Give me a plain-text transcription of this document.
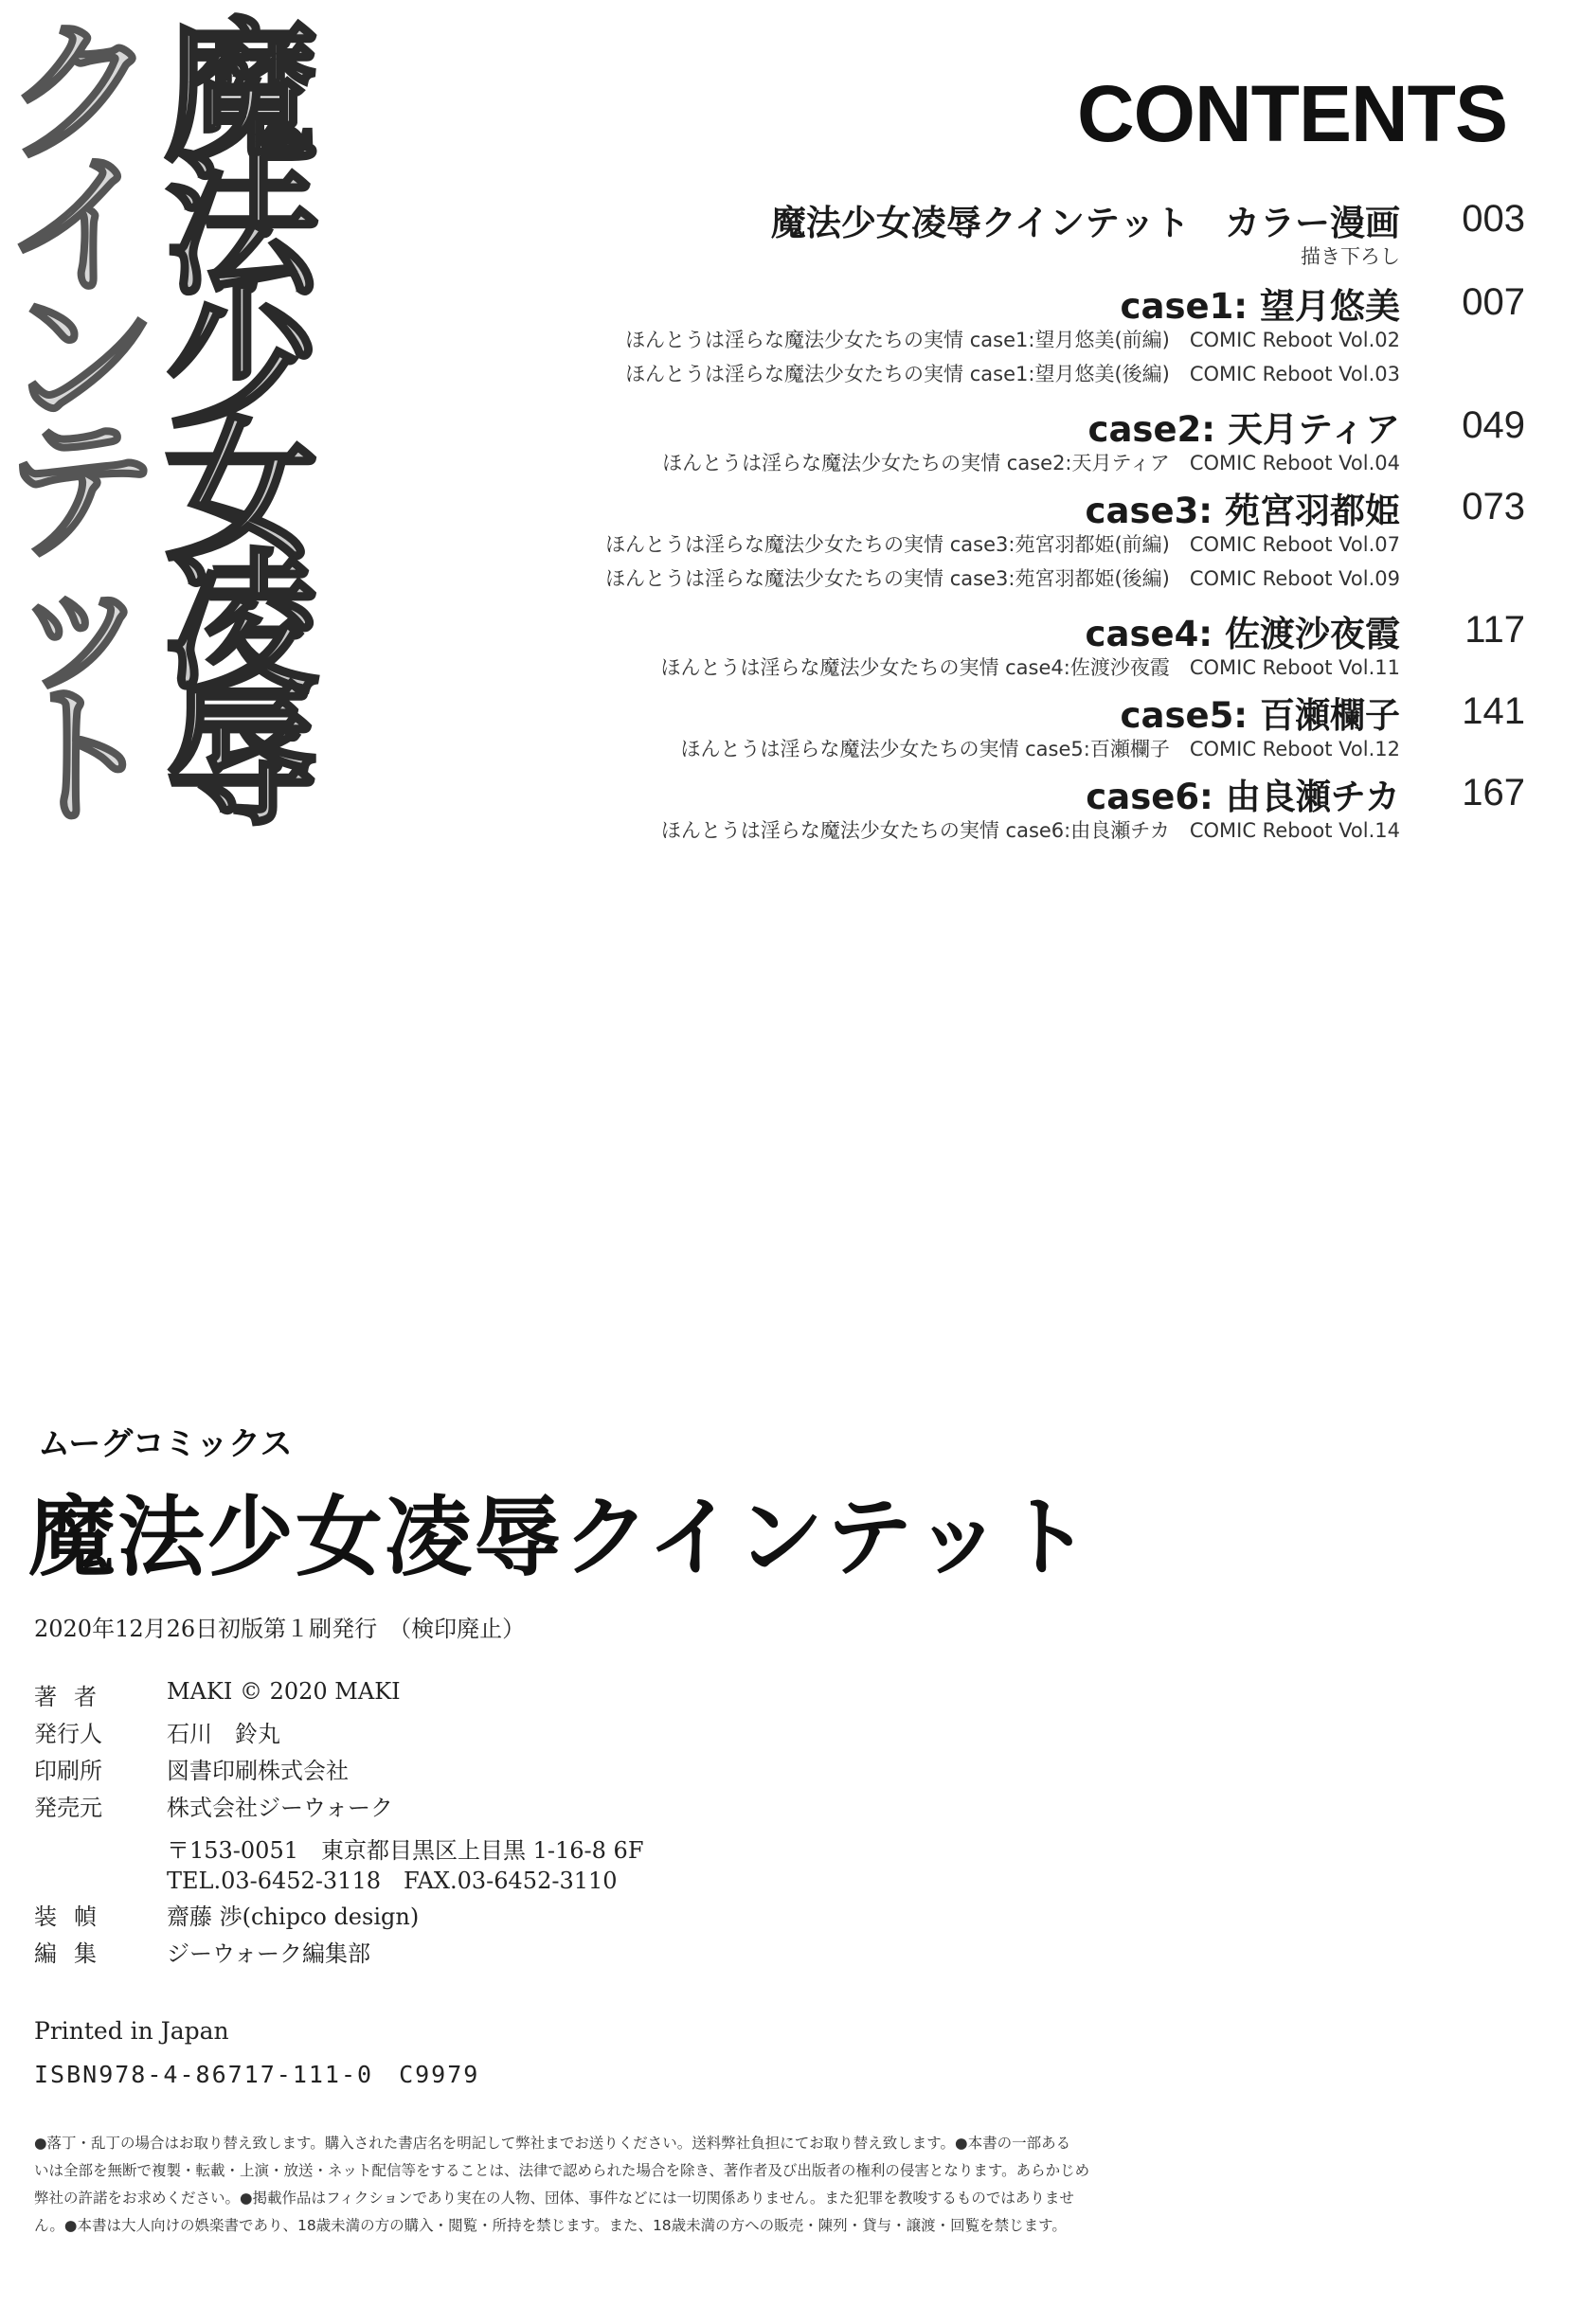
魔
法
少
女
凌
辱
ク
イ
ン
テ
ッ
ト
CONTENTS
魔法少女凌辱クインテット　カラー漫画 003
描き下ろし
case1: 望月悠美 007
ほんとうは淫らな魔法少女たちの実情 case1:望月悠美(前編)　COMIC Reboot Vol.02
ほんとうは淫らな魔法少女たちの実情 case1:望月悠美(後編)　COMIC Reboot Vol.03
case2: 天月ティア 049
ほんとうは淫らな魔法少女たちの実情 case2:天月ティア　COMIC Reboot Vol.04
case3: 苑宮羽都姫 073
ほんとうは淫らな魔法少女たちの実情 case3:苑宮羽都姫(前編)　COMIC Reboot Vol.07
ほんとうは淫らな魔法少女たちの実情 case3:苑宮羽都姫(後編)　COMIC Reboot Vol.09
case4: 佐渡沙夜霞 117
ほんとうは淫らな魔法少女たちの実情 case4:佐渡沙夜霞　COMIC Reboot Vol.11
case5: 百瀬欄子 141
ほんとうは淫らな魔法少女たちの実情 case5:百瀬欄子　COMIC Reboot Vol.12
case6: 由良瀬チカ 167
ほんとうは淫らな魔法少女たちの実情 case6:由良瀬チカ　COMIC Reboot Vol.14
ムーグコミックス
魔法少女凌辱クインテット
2020年12月26日初版第１刷発行　（検印廃止）
著者	MAKI © 2020 MAKI
発行人	石川　鈴丸
印刷所	図書印刷株式会社
発売元	株式会社ジーウォーク
〒153-0051　東京都目黒区上目黒 1-16-8 6F
TEL.03-6452-3118　FAX.03-6452-3110
装幀	齋藤 渉(chipco design)
編集	ジーウォーク編集部
Printed in Japan
ISBN978-4-86717-111-0　C9979

●落丁・乱丁の場合はお取り替え致します。購入された書店名を明記して弊社までお送りください。送料弊社負担にてお取り替え致します。●本書の一部ある

いは全部を無断で複製・転載・上演・放送・ネット配信等をすることは、法律で認められた場合を除き、著作者及び出版者の権利の侵害となります。あらかじめ

弊社の許諾をお求めください。●掲載作品はフィクションであり実在の人物、団体、事件などには一切関係ありません。また犯罪を教唆するものではありませ

ん。●本書は大人向けの娯楽書であり、18歳未満の方の購入・閲覧・所持を禁じます。また、18歳未満の方への販売・陳列・貸与・譲渡・回覧を禁じます。
